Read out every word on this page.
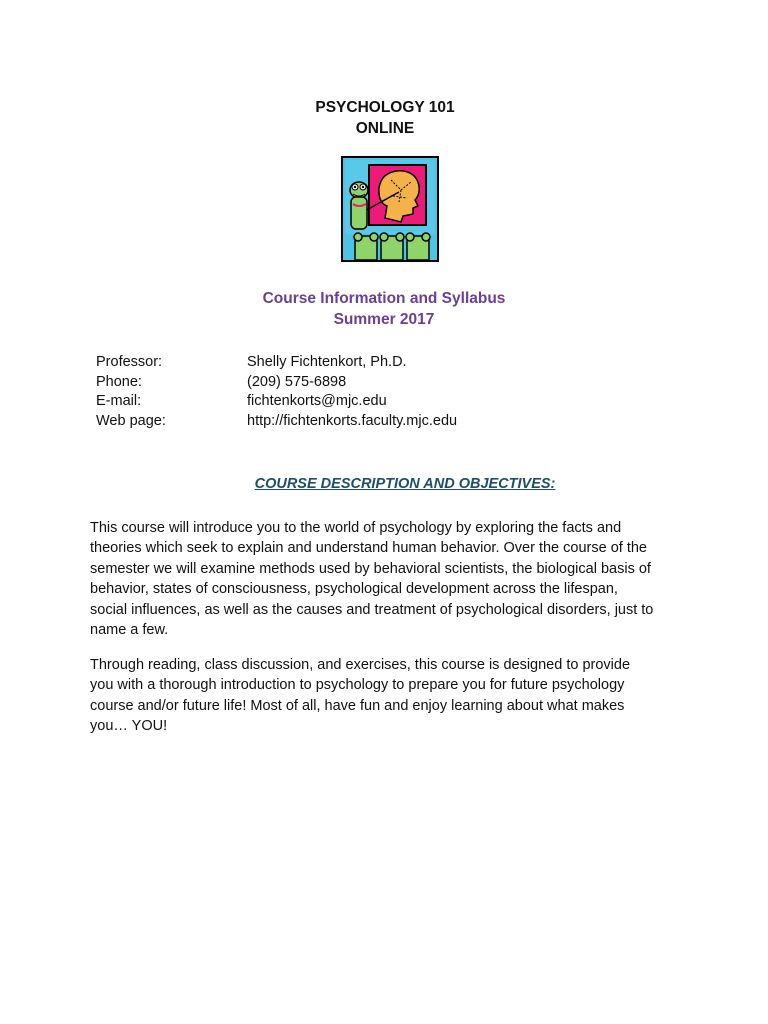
PSYCHOLOGY 101
ONLINE
Course Information and Syllabus
Summer 2017
Professor:	Shelly Fichtenkort, Ph.D.
Phone:	(209) 575-6898
E-mail:	fichtenkorts@mjc.edu
Web page:	http://fichtenkorts.faculty.mjc.edu
COURSE DESCRIPTION AND OBJECTIVES:

This course will introduce you to the world of psychology by exploring the facts and
theories which seek to explain and understand human behavior. Over the course of the
semester we will examine methods used by behavioral scientists, the biological basis of
behavior, states of consciousness, psychological development across the lifespan,
social influences, as well as the causes and treatment of psychological disorders, just to
name a few.

Through reading, class discussion, and exercises, this course is designed to provide
you with a thorough introduction to psychology to prepare you for future psychology
course and/or future life! Most of all, have fun and enjoy learning about what makes
you… YOU!
